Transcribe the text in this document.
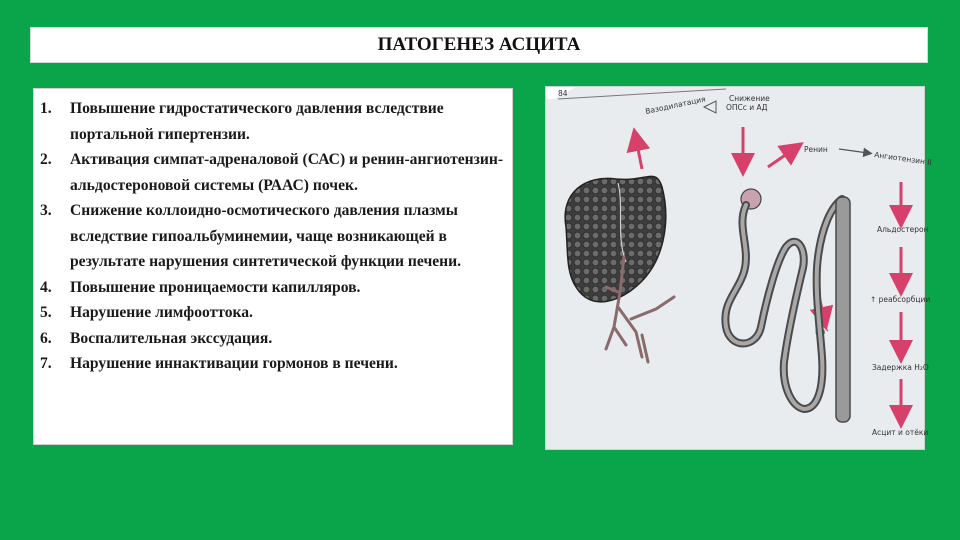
ПАТОГЕНЕЗ АСЦИТА
1.	Повышение гидростатического давления вследствие портальной гипертензии.
2.	Активация симпат-адреналовой (САС) и ренин-ангиотензин-альдостероновой системы (РААС) почек.
3.	Снижение коллоидно-осмотического давления плазмы вследствие гипоальбуминемии, чаще возникающей в результате нарушения синтетической функции печени.
4.	Повышение проницаемости капилляров.
5.	Нарушение лимфооттока.
6.	Воспалительная экссудация.
7.	Нарушение иннактивации гормонов в печени.
84
Вазодилатация	Снижение
ОПСс и АД
Ренин
Ангиотензин II
Альдостерон
↑ реабсорбции
Задержка H₂O
Асцит и отёки
Na⁺
